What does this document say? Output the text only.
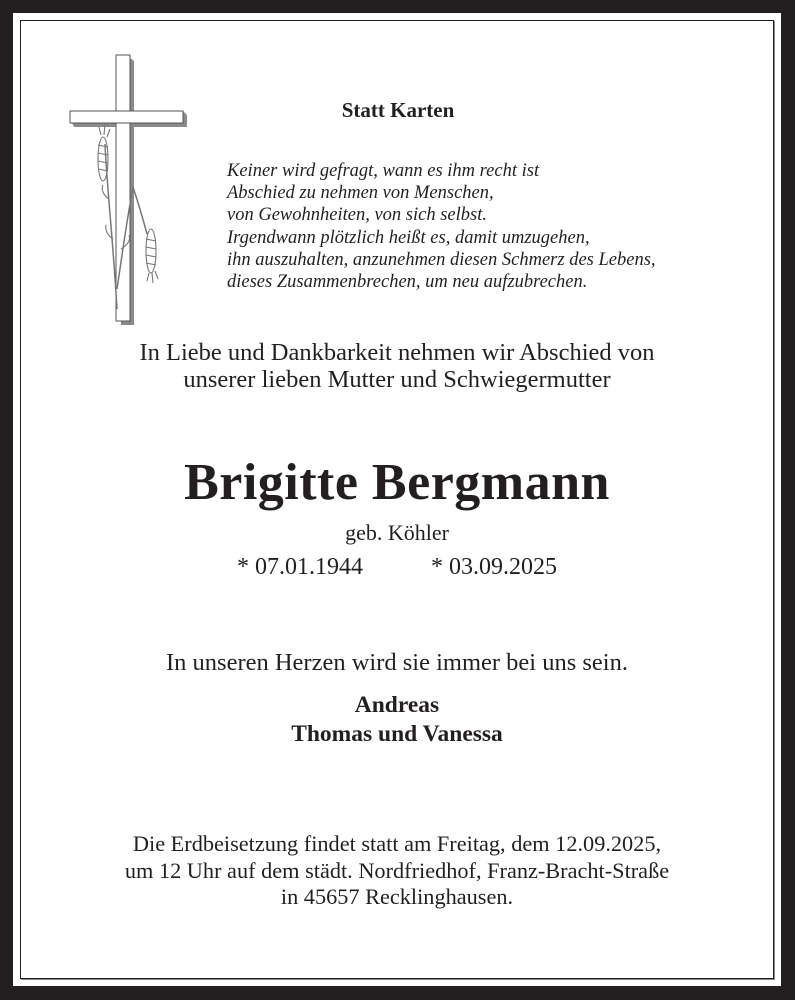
Statt Karten
Keiner wird gefragt, wann es ihm recht ist
Abschied zu nehmen von Menschen,
von Gewohnheiten, von sich selbst.
Irgendwann plötzlich heißt es, damit umzugehen,
ihn auszuhalten, anzunehmen diesen Schmerz des Lebens,
dieses Zusammenbrechen, um neu aufzubrechen.
In Liebe und Dankbarkeit nehmen wir Abschied von
unserer lieben Mutter und Schwiegermutter
Brigitte Bergmann
geb. Köhler
* 07.01.1944	* 03.09.2025
In unseren Herzen wird sie immer bei uns sein.
Andreas
Thomas und Vanessa
Die Erdbeisetzung findet statt am Freitag, dem 12.09.2025,
um 12 Uhr auf dem städt. Nordfriedhof, Franz-Bracht-Straße
in 45657 Recklinghausen.
